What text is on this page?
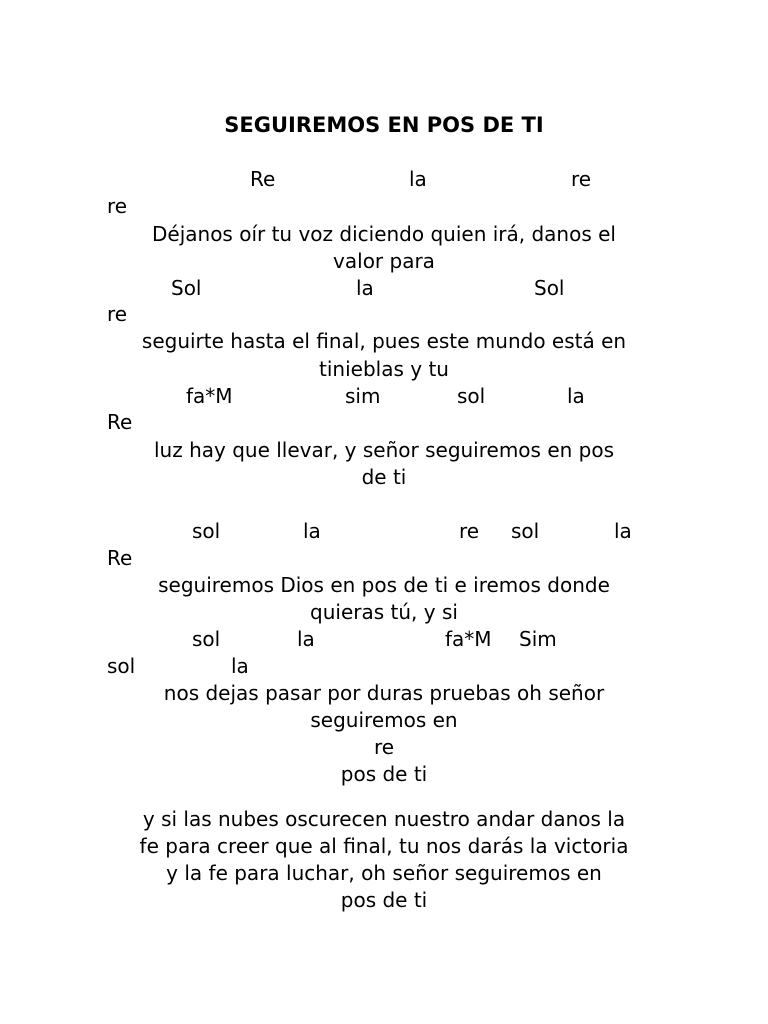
SEGUIREMOS EN POS DE TI
Re	la	re
re
Déjanos oír tu voz diciendo quien irá, danos el
valor para
Sol	la	Sol
re
seguirte hasta el final, pues este mundo está en
tinieblas y tu
fa*M	sim	sol	la
Re
luz hay que llevar, y señor seguiremos en pos
de ti
sol	la	re sol	la
Re
seguiremos Dios en pos de ti e iremos donde
quieras tú, y si
sol	la	fa*M Sim
sol	la
nos dejas pasar por duras pruebas oh señor
seguiremos en
re
pos de ti
y si las nubes oscurecen nuestro andar danos la
fe para creer que al final, tu nos darás la victoria
y la fe para luchar, oh señor seguiremos en
pos de ti
